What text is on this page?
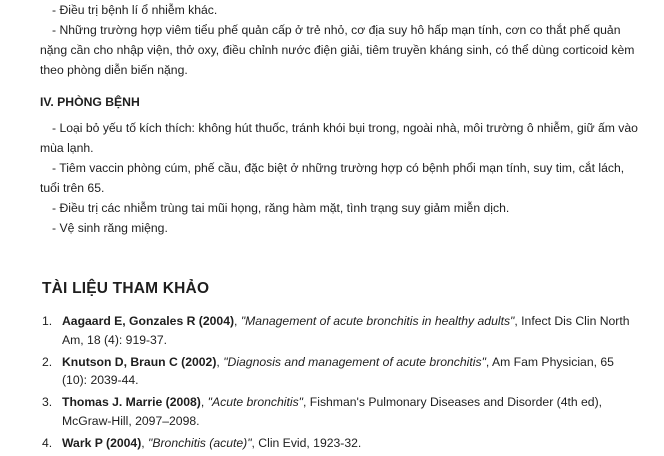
- Điều trị bệnh lí ổ nhiễm khác.

- Những trường hợp viêm tiểu phế quản cấp ở trẻ nhỏ, cơ địa suy hô hấp mạn tính, cơn co thắt phế quản nặng cần cho nhập viện, thở oxy, điều chỉnh nước điện giải, tiêm truyền kháng sinh, có thể dùng corticoid kèm theo phòng diễn biến nặng.

IV. PHÒNG BỆNH

- Loại bỏ yếu tố kích thích: không hút thuốc, tránh khói bụi trong, ngoài nhà, môi trường ô nhiễm, giữ ấm vào mùa lạnh.

- Tiêm vaccin phòng cúm, phế cầu, đặc biệt ở những trường hợp có bệnh phổi mạn tính, suy tim, cắt lách, tuổi trên 65.

- Điều trị các nhiễm trùng tai mũi họng, răng hàm mặt, tình trạng suy giảm miễn dịch.

- Vệ sinh răng miệng.

TÀI LIỆU THAM KHẢO
1. Aagaard E, Gonzales R (2004), "Management of acute bronchitis in healthy adults", Infect Dis Clin North Am, 18 (4): 919-37.
2. Knutson D, Braun C (2002), "Diagnosis and management of acute bronchitis", Am Fam Physician, 65 (10): 2039-44.
3. Thomas J. Marrie (2008), "Acute bronchitis", Fishman's Pulmonary Diseases and Disorder (4th ed), McGraw-Hill, 2097–2098.
4. Wark P (2004), "Bronchitis (acute)", Clin Evid, 1923-32.
